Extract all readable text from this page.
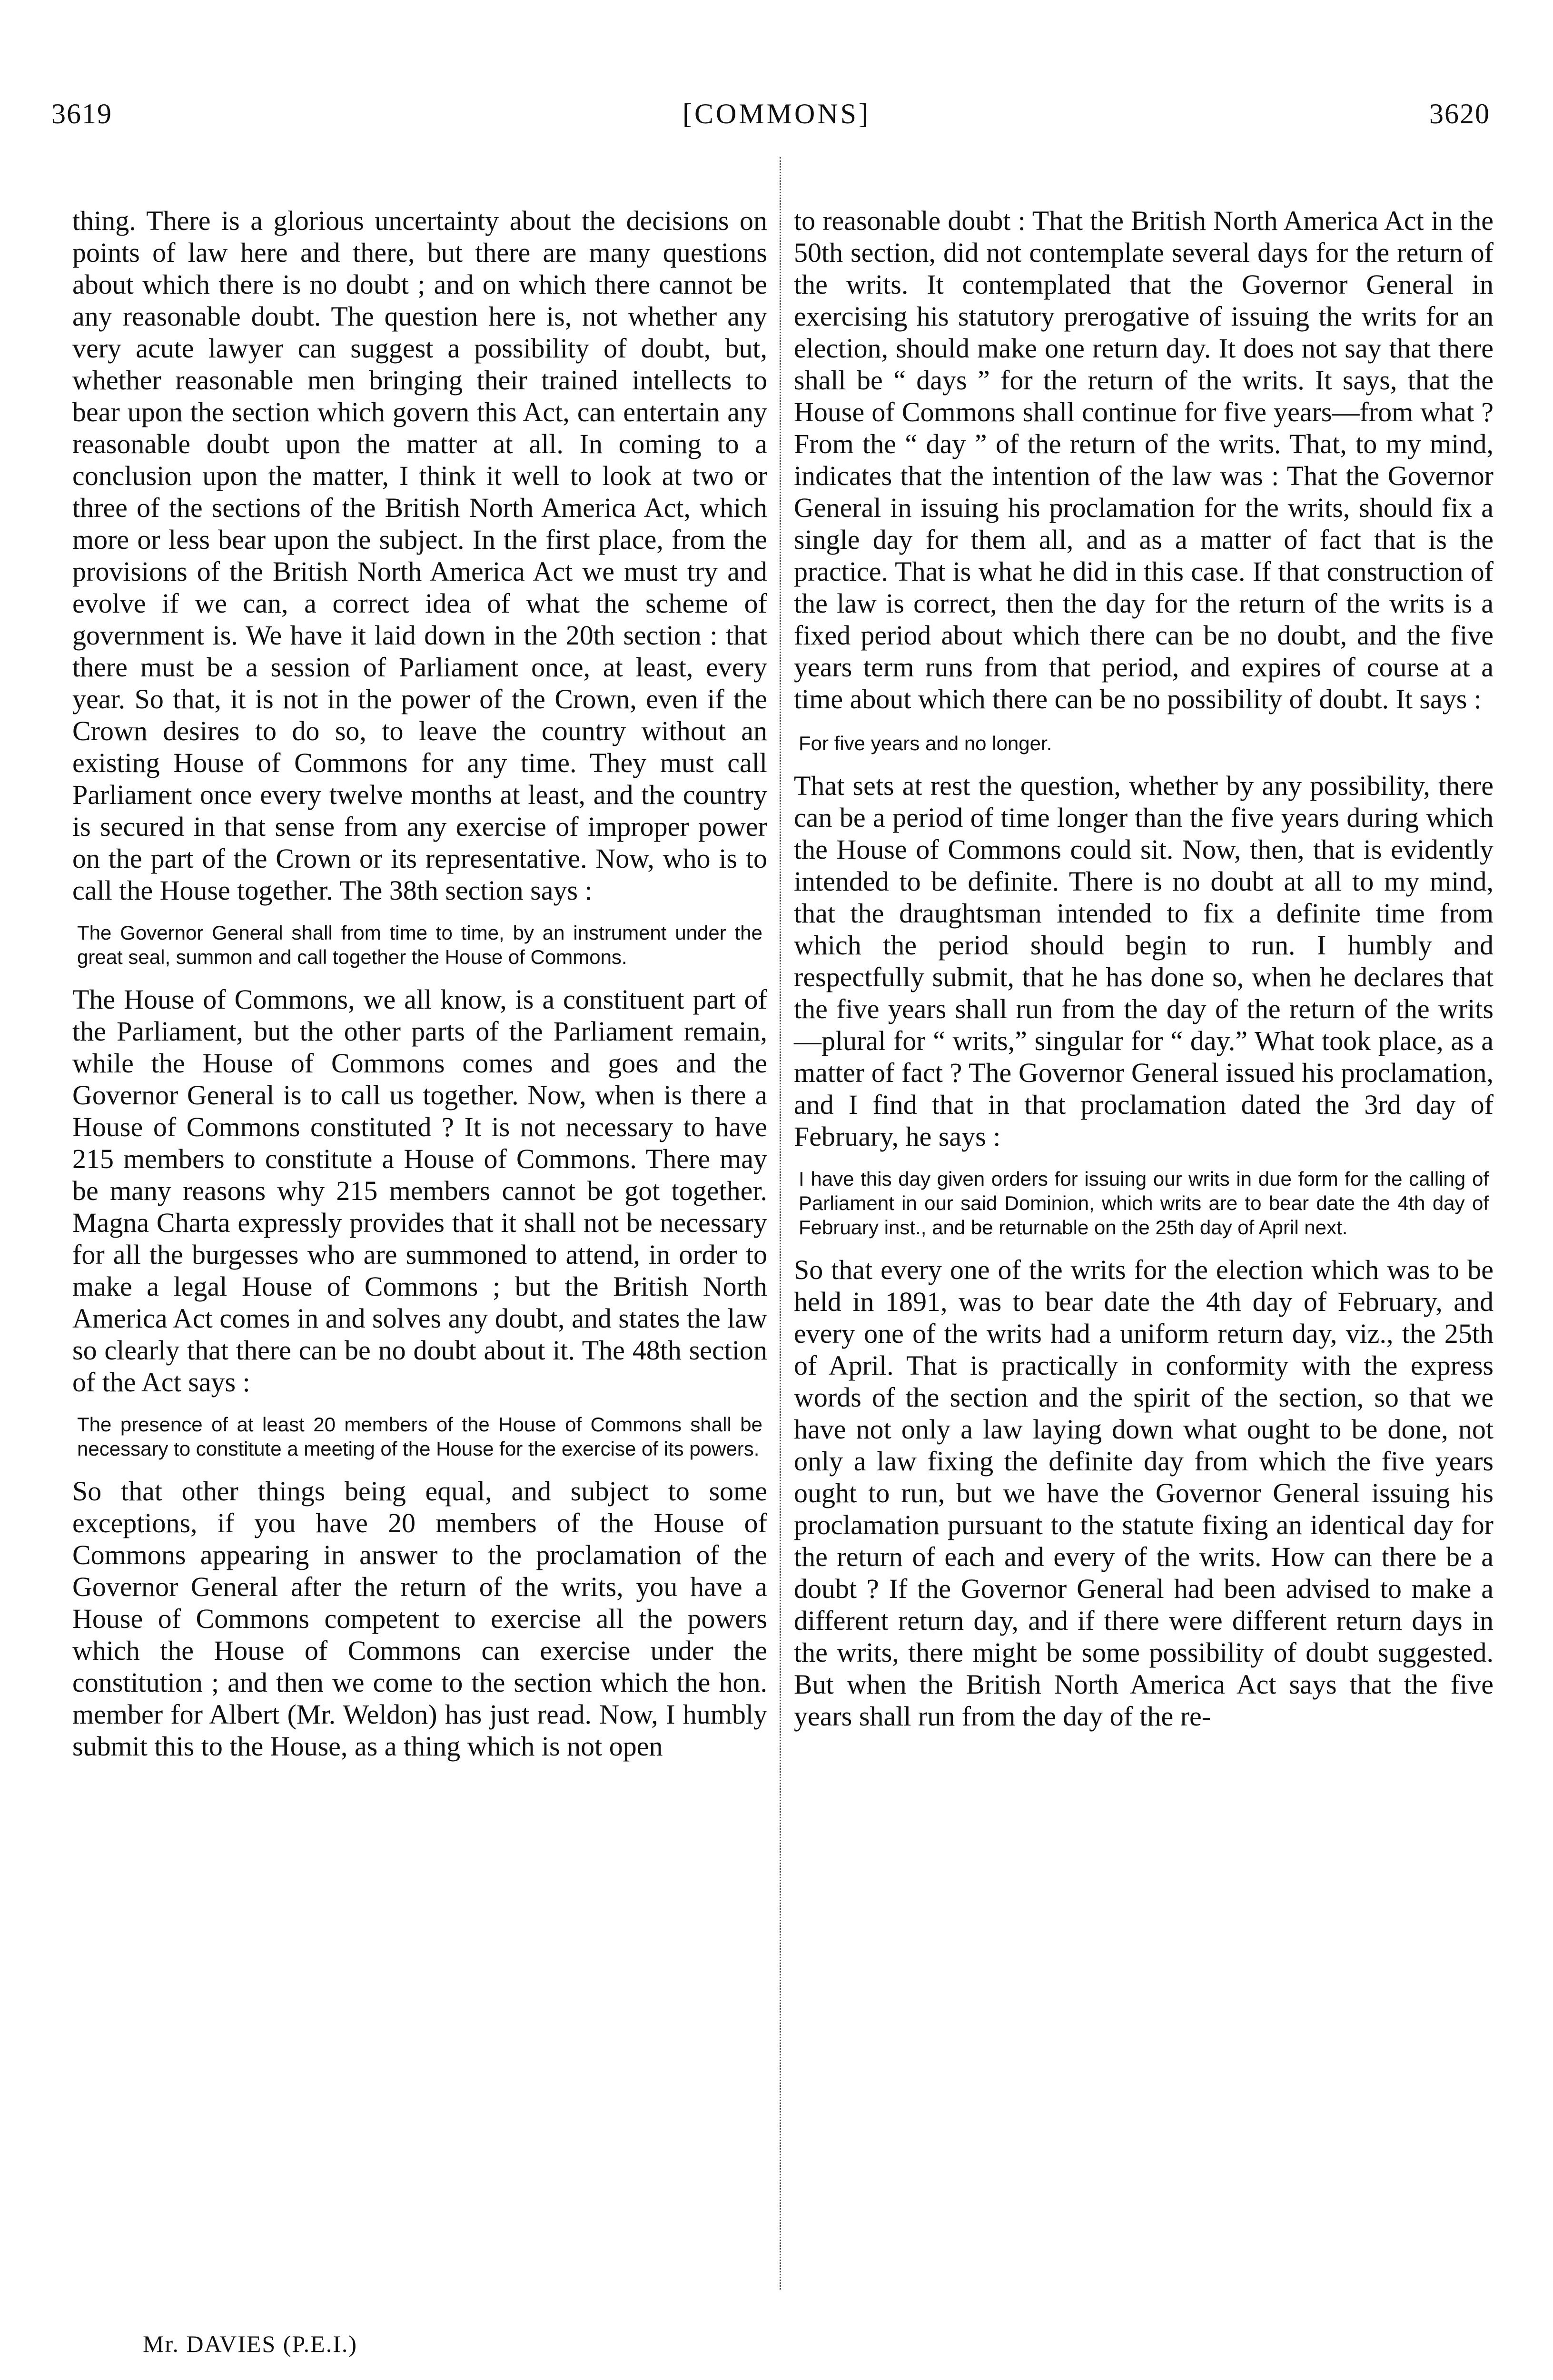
3619	[COMMONS]	3620

thing. There is a glorious uncertainty about the decisions on points of law here and there, but there are many questions about which there is no doubt ; and on which there cannot be any reasonable doubt. The question here is, not whether any very acute lawyer can suggest a possibility of doubt, but, whether reasonable men bringing their trained intellects to bear upon the section which govern this Act, can entertain any reasonable doubt upon the matter at all. In coming to a conclusion upon the matter, I think it well to look at two or three of the sections of the British North America Act, which more or less bear upon the subject. In the first place, from the provisions of the British North America Act we must try and evolve if we can, a correct idea of what the scheme of government is. We have it laid down in the 20th section : that there must be a session of Parliament once, at least, every year. So that, it is not in the power of the Crown, even if the Crown desires to do so, to leave the country without an existing House of Commons for any time. They must call Parliament once every twelve months at least, and the country is secured in that sense from any exercise of improper power on the part of the Crown or its representative. Now, who is to call the House together. The 38th section says :

The Governor General shall from time to time, by an instrument under the great seal, summon and call together the House of Commons.

The House of Commons, we all know, is a constituent part of the Parliament, but the other parts of the Parliament remain, while the House of Commons comes and goes and the Governor General is to call us together. Now, when is there a House of Commons constituted ? It is not necessary to have 215 members to constitute a House of Commons. There may be many reasons why 215 members cannot be got together. Magna Charta expressly provides that it shall not be necessary for all the burgesses who are summoned to attend, in order to make a legal House of Commons ; but the British North America Act comes in and solves any doubt, and states the law so clearly that there can be no doubt about it. The 48th section of the Act says :

The presence of at least 20 members of the House of Commons shall be necessary to constitute a meeting of the House for the exercise of its powers.

So that other things being equal, and subject to some exceptions, if you have 20 members of the House of Commons appearing in answer to the proclamation of the Governor General after the return of the writs, you have a House of Commons competent to exercise all the powers which the House of Commons can exercise under the constitution ; and then we come to the section which the hon. member for Albert (Mr. Weldon) has just read. Now, I humbly submit this to the House, as a thing which is not open

to reasonable doubt : That the British North America Act in the 50th section, did not contemplate several days for the return of the writs. It contemplated that the Governor General in exercising his statutory prerogative of issuing the writs for an election, should make one return day. It does not say that there shall be “ days ” for the return of the writs. It says, that the House of Commons shall continue for five years—from what ? From the “ day ” of the return of the writs. That, to my mind, indicates that the intention of the law was : That the Governor General in issuing his proclamation for the writs, should fix a single day for them all, and as a matter of fact that is the practice. That is what he did in this case. If that construction of the law is correct, then the day for the return of the writs is a fixed period about which there can be no doubt, and the five years term runs from that period, and expires of course at a time about which there can be no possibility of doubt. It says :

For five years and no longer.

That sets at rest the question, whether by any possibility, there can be a period of time longer than the five years during which the House of Commons could sit. Now, then, that is evidently intended to be definite. There is no doubt at all to my mind, that the draughtsman intended to fix a definite time from which the period should begin to run. I humbly and respectfully submit, that he has done so, when he declares that the five years shall run from the day of the return of the writs—plural for “ writs,” singular for “ day.” What took place, as a matter of fact ? The Governor General issued his proclamation, and I find that in that proclamation dated the 3rd day of February, he says :

I have this day given orders for issuing our writs in due form for the calling of Parliament in our said Dominion, which writs are to bear date the 4th day of February inst., and be returnable on the 25th day of April next.

So that every one of the writs for the election which was to be held in 1891, was to bear date the 4th day of February, and every one of the writs had a uniform return day, viz., the 25th of April. That is practically in conformity with the express words of the section and the spirit of the section, so that we have not only a law laying down what ought to be done, not only a law fixing the definite day from which the five years ought to run, but we have the Governor General issuing his proclamation pursuant to the statute fixing an identical day for the return of each and every of the writs. How can there be a doubt ? If the Governor General had been advised to make a different return day, and if there were different return days in the writs, there might be some possibility of doubt suggested. But when the British North America Act says that the five years shall run from the day of the re-

Mr. DAVIES (P.E.I.)
